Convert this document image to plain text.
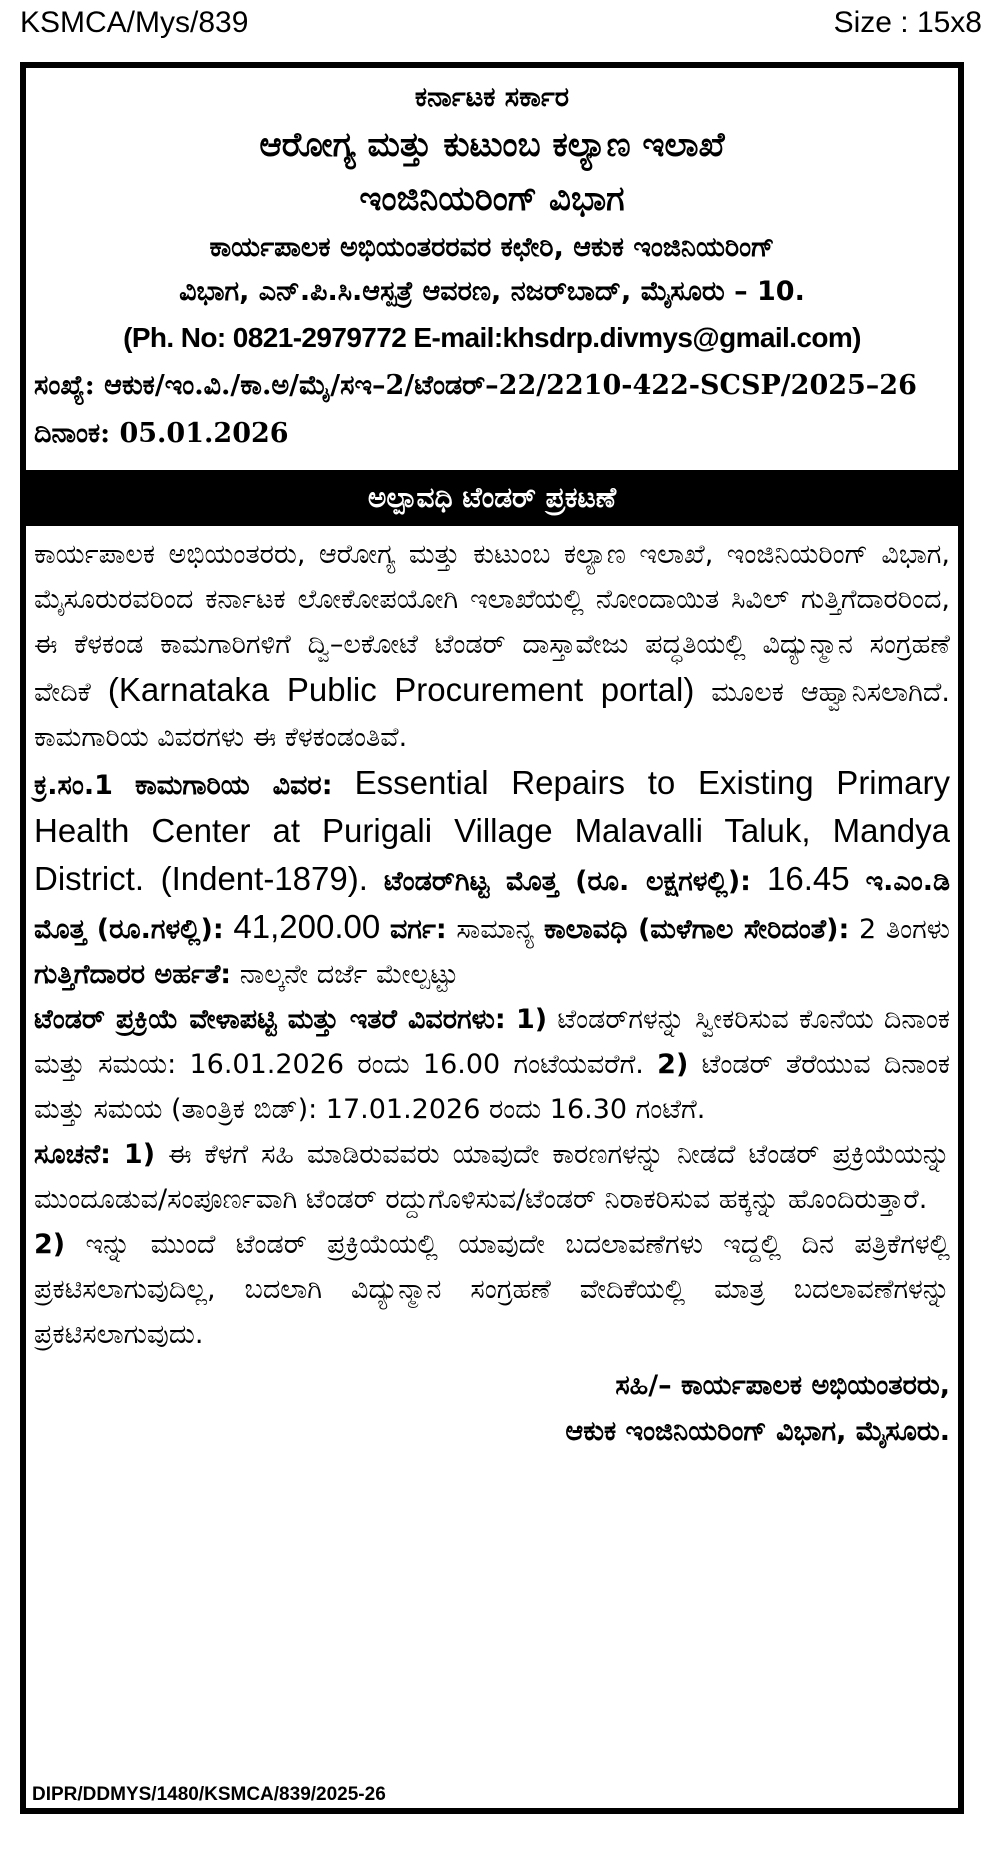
KSMCA/Mys/839	Size : 15x8
ಕರ್ನಾಟಕ ಸರ್ಕಾರ
ಆರೋಗ್ಯ ಮತ್ತು ಕುಟುಂಬ ಕಲ್ಯಾಣ ಇಲಾಖೆ
ಇಂಜಿನಿಯರಿಂಗ್ ವಿಭಾಗ
ಕಾರ್ಯಪಾಲಕ ಅಭಿಯಂತರರವರ ಕಛೇರಿ, ಆಕುಕ ಇಂಜಿನಿಯರಿಂಗ್
ವಿಭಾಗ, ಎನ್.ಪಿ.ಸಿ.ಆಸ್ಪತ್ರೆ ಆವರಣ, ನಜರ್‌ಬಾದ್, ಮೈಸೂರು – 10.
(Ph. No: 0821-2979772 E-mail:khsdrp.divmys@gmail.com)
ಸಂಖ್ಯೆ: ಆಕುಕ/ಇಂ.ವಿ./ಕಾ.ಅ/ಮೈ/ಸಇ–2/ಟೆಂಡರ್–22/2210-422-SCSP/2025–26 ದಿನಾಂಕ: 05.01.2026
ಅಲ್ಪಾವಧಿ ಟೆಂಡರ್ ಪ್ರಕಟಣೆ

ಕಾರ್ಯಪಾಲಕ ಅಭಿಯಂತರರು, ಆರೋಗ್ಯ ಮತ್ತು ಕುಟುಂಬ ಕಲ್ಯಾಣ ಇಲಾಖೆ, ಇಂಜಿನಿಯರಿಂಗ್ ವಿಭಾಗ, ಮೈಸೂರುರವರಿಂದ ಕರ್ನಾಟಕ ಲೋಕೋಪಯೋಗಿ ಇಲಾಖೆಯಲ್ಲಿ ನೋಂದಾಯಿತ ಸಿವಿಲ್ ಗುತ್ತಿಗೆದಾರರಿಂದ, ಈ ಕೆಳಕಂಡ ಕಾಮಗಾರಿಗಳಿಗೆ ದ್ವಿ–ಲಕೋಟೆ ಟೆಂಡರ್ ದಾಸ್ತಾವೇಜು ಪದ್ಧತಿಯಲ್ಲಿ ವಿದ್ಯುನ್ಮಾನ ಸಂಗ್ರಹಣೆ ವೇದಿಕೆ (Karnataka Public Procurement portal) ಮೂಲಕ ಆಹ್ವಾನಿಸಲಾಗಿದೆ. ಕಾಮಗಾರಿಯ ವಿವರಗಳು ಈ ಕೆಳಕಂಡಂತಿವೆ.

ಕ್ರ.ಸಂ.1 ಕಾಮಗಾರಿಯ ವಿವರ: Essential Repairs to Existing Primary Health Center at Purigali Village Malavalli Taluk, Mandya District. (Indent-1879). ಟೆಂಡರ್‌ಗಿಟ್ಟ ಮೊತ್ತ (ರೂ. ಲಕ್ಷಗಳಲ್ಲಿ): 16.45 ಇ.ಎಂ.ಡಿ ಮೊತ್ತ (ರೂ.ಗಳಲ್ಲಿ): 41,200.00 ವರ್ಗ: ಸಾಮಾನ್ಯ ಕಾಲಾವಧಿ (ಮಳೆಗಾಲ ಸೇರಿದಂತೆ): 2 ತಿಂಗಳು ಗುತ್ತಿಗೆದಾರರ ಅರ್ಹತೆ: ನಾಲ್ಕನೇ ದರ್ಜೆ ಮೇಲ್ಪಟ್ಟು

ಟೆಂಡರ್ ಪ್ರಕ್ರಿಯೆ ವೇಳಾಪಟ್ಟಿ ಮತ್ತು ಇತರೆ ವಿವರಗಳು: 1) ಟೆಂಡರ್‌ಗಳನ್ನು ಸ್ವೀಕರಿಸುವ ಕೊನೆಯ ದಿನಾಂಕ ಮತ್ತು ಸಮಯ: 16.01.2026 ರಂದು 16.00 ಗಂಟೆಯವರೆಗೆ. 2) ಟೆಂಡರ್ ತೆರೆಯುವ ದಿನಾಂಕ ಮತ್ತು ಸಮಯ (ತಾಂತ್ರಿಕ ಬಿಡ್): 17.01.2026 ರಂದು 16.30 ಗಂಟೆಗೆ.

ಸೂಚನೆ: 1) ಈ ಕೆಳಗೆ ಸಹಿ ಮಾಡಿರುವವರು ಯಾವುದೇ ಕಾರಣಗಳನ್ನು ನೀಡದೆ ಟೆಂಡರ್ ಪ್ರಕ್ರಿಯೆಯನ್ನು ಮುಂದೂಡುವ/ಸಂಪೂರ್ಣವಾಗಿ ಟೆಂಡರ್ ರದ್ದುಗೊಳಿಸುವ/ಟೆಂಡರ್ ನಿರಾಕರಿಸುವ ಹಕ್ಕನ್ನು ಹೊಂದಿರುತ್ತಾರೆ.

2) ಇನ್ನು ಮುಂದೆ ಟೆಂಡರ್ ಪ್ರಕ್ರಿಯೆಯಲ್ಲಿ ಯಾವುದೇ ಬದಲಾವಣೆಗಳು ಇದ್ದಲ್ಲಿ ದಿನ ಪತ್ರಿಕೆಗಳಲ್ಲಿ ಪ್ರಕಟಿಸಲಾಗುವುದಿಲ್ಲ, ಬದಲಾಗಿ ವಿದ್ಯುನ್ಮಾನ ಸಂಗ್ರಹಣೆ ವೇದಿಕೆಯಲ್ಲಿ ಮಾತ್ರ ಬದಲಾವಣೆಗಳನ್ನು ಪ್ರಕಟಿಸಲಾಗುವುದು.

ಸಹಿ/– ಕಾರ್ಯಪಾಲಕ ಅಭಿಯಂತರರು,
ಆಕುಕ ಇಂಜಿನಿಯರಿಂಗ್ ವಿಭಾಗ, ಮೈಸೂರು.
DIPR/DDMYS/1480/KSMCA/839/2025-26
